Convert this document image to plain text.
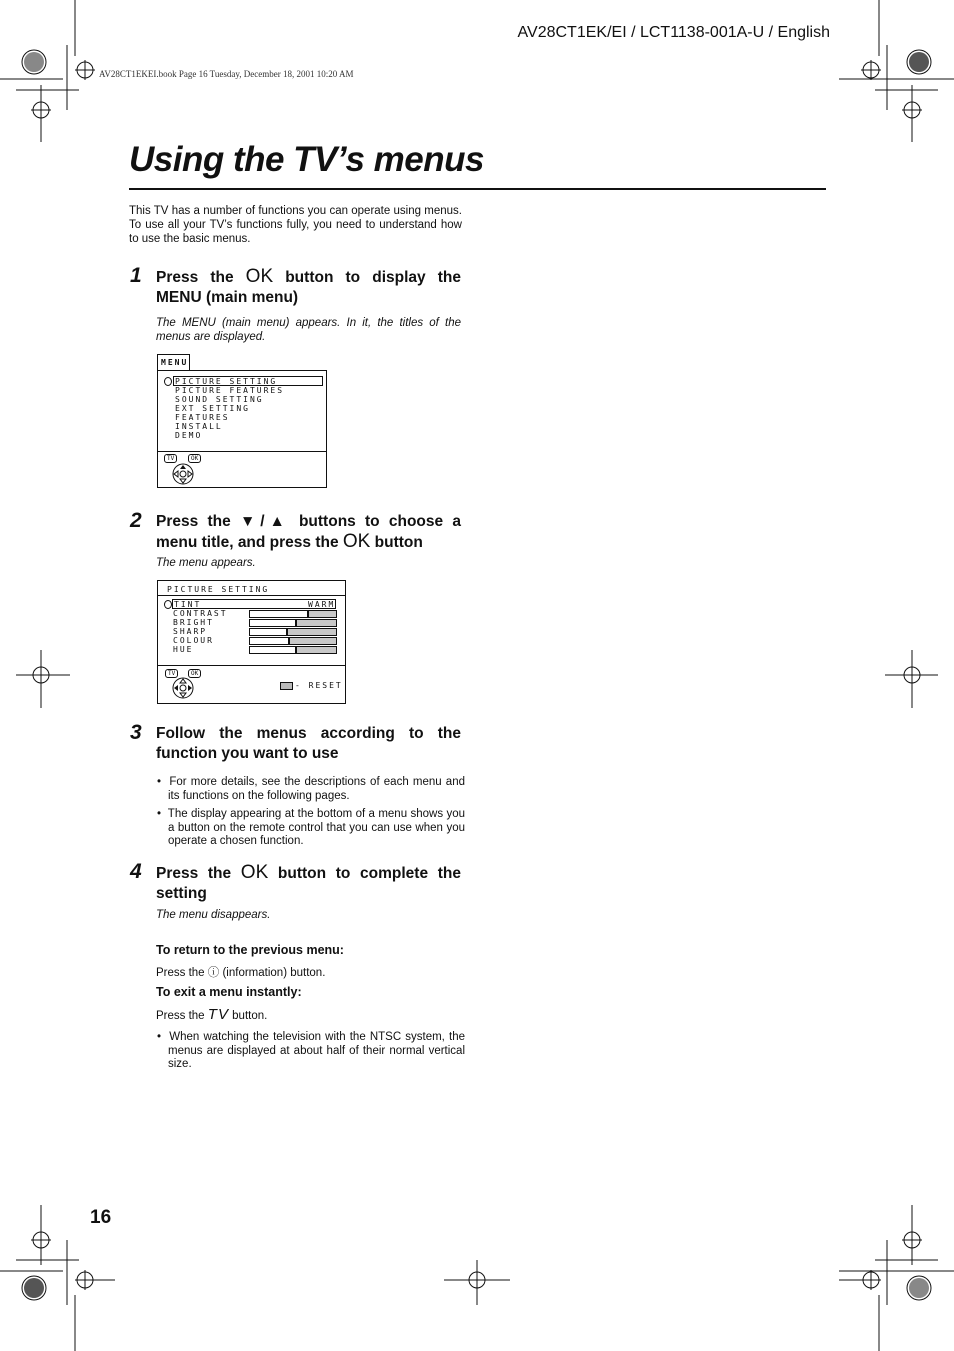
AV28CT1EK/EI / LCT1138-001A-U / English
AV28CT1EKEI.book Page 16 Tuesday, December 18, 2001 10:20 AM
Using the TV’s menus
This TV has a number of functions you can operate using menus. To use all your TV’s functions fully, you need to understand how to use the basic menus.
1 Press the OK button to display the MENU (main menu)
The MENU (main menu) appears. In it, the titles of the menus are displayed.
MENU
PICTURE SETTING
PICTURE FEATURES
SOUND SETTING
EXT SETTING
FEATURES
INSTALL
DEMO
TV	OK
2 Press the ▼/▲ buttons to choose a menu title, and press the OK button
The menu appears.
PICTURE SETTING
TINT	WARM
CONTRAST
BRIGHT
SHARP
COLOUR
HUE
TV	OK
- RESET
3 Follow the menus according to the function you want to use
•  For more details, see the descriptions of each menu and its functions on the following pages.
•  The display appearing at the bottom of a menu shows you a button on the remote control that you can use when you operate a chosen function.
4 Press the OK button to complete the setting
The menu disappears.
To return to the previous menu:
Press the ⓘ (information) button.
To exit a menu instantly:
Press the TV button.
•  When watching the television with the NTSC system, the menus are displayed at about half of their normal vertical size.
16
